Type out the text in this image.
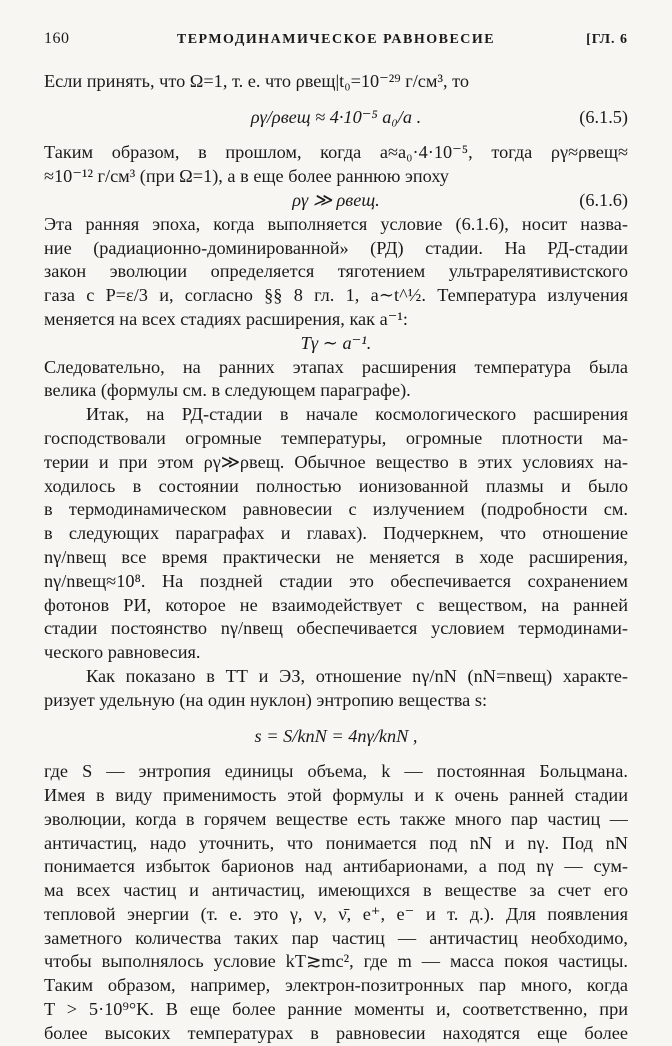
160	ТЕРМОДИНАМИЧЕСКОЕ РАВНОВЕСИЕ	[ГЛ. 6
Если принять, что Ω=1, т. е. что ρвещ|t₀=10⁻²⁹ г/см³, то
ργ/ρвещ ≈ 4·10⁻⁵ a₀/a .	(6.1.5)
Таким образом, в прошлом, когда a≈a₀·4·10⁻⁵, тогда ργ≈ρвещ≈
≈10⁻¹² г/см³ (при Ω=1), а в еще более раннюю эпоху
ργ ≫ ρвещ.	(6.1.6)
Эта ранняя эпоха, когда выполняется условие (6.1.6), носит назва-
ние (радиационно-доминированной» (РД) стадии. На РД-стадии
закон эволюции определяется тяготением ультрарелятивистского
газа с P=ε/3 и, согласно §§ 8 гл. 1, a∼t^½. Температура излучения
меняется на всех стадиях расширения, как a⁻¹:
Tγ ∼ a⁻¹.
Следовательно, на ранних этапах расширения температура была
велика (формулы см. в следующем параграфе).
Итак, на РД-стадии в начале космологического расширения
господствовали огромные температуры, огромные плотности ма-
терии и при этом ργ≫ρвещ. Обычное вещество в этих условиях на-
ходилось в состоянии полностью ионизованной плазмы и было
в термодинамическом равновесии с излучением (подробности см.
в следующих параграфах и главах). Подчеркнем, что отношение
nγ/nвещ все время практически не меняется в ходе расширения,
nγ/nвещ≈10⁸. На поздней стадии это обеспечивается сохранением
фотонов РИ, которое не взаимодействует с веществом, на ранней
стадии постоянство nγ/nвещ обеспечивается условием термодинами-
ческого равновесия.
Как показано в ТТ и ЭЗ, отношение nγ/nN (nN=nвещ) характе-
ризует удельную (на один нуклон) энтропию вещества s:
s = S/knN = 4nγ/knN ,
где S — энтропия единицы объема, k — постоянная Больцмана.
Имея в виду применимость этой формулы и к очень ранней стадии
эволюции, когда в горячем веществе есть также много пар частиц —
античастиц, надо уточнить, что понимается под nN и nγ. Под nN
понимается избыток барионов над антибарионами, а под nγ — сум-
ма всех частиц и античастиц, имеющихся в веществе за счет его
тепловой энергии (т. е. это γ, ν, ν̄, e⁺, e⁻ и т. д.). Для появления
заметного количества таких пар частиц — античастиц необходимо,
чтобы выполнялось условие kT≳mc², где m — масса покоя частицы.
Таким образом, например, электрон-позитронных пар много, когда
T > 5·10⁹°K. В еще более ранние моменты и, соответственно, при
более высоких температурах в равновесии находятся еще более
